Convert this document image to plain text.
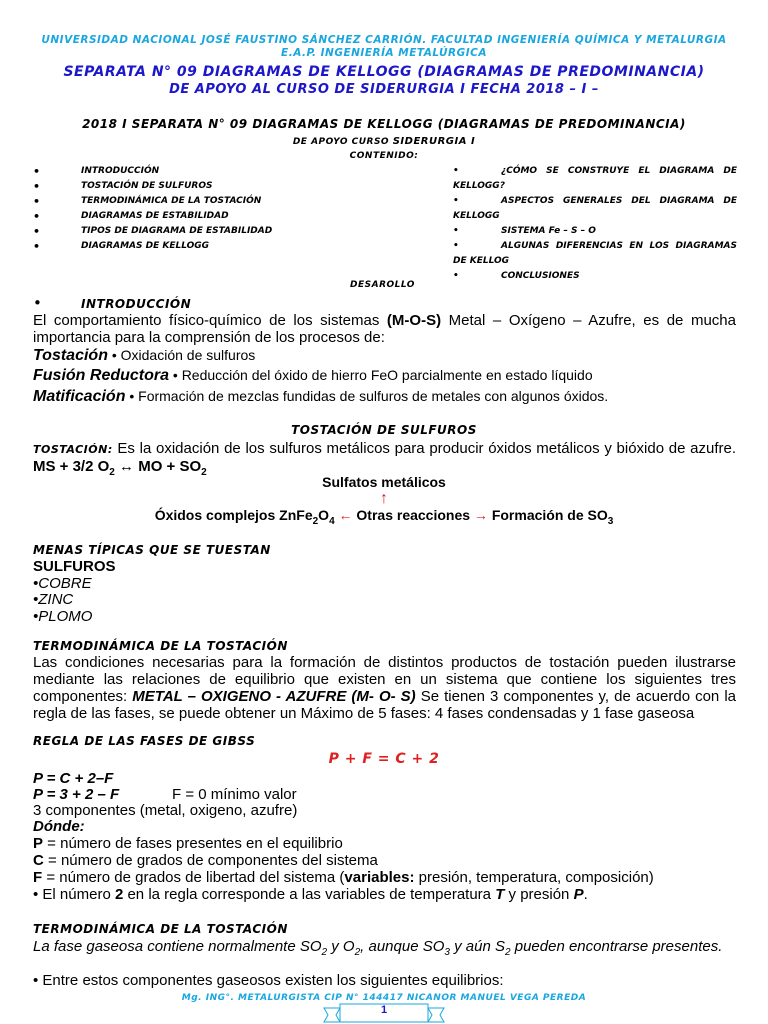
UNIVERSIDAD NACIONAL JOSÉ FAUSTINO SÁNCHEZ CARRIÓN. FACULTAD INGENIERÍA QUÍMICA Y METALURGIA
E.A.P. INGENIERÍA METALÚRGICA
SEPARATA N° 09 DIAGRAMAS DE KELLOGG (DIAGRAMAS DE PREDOMINANCIA)
DE APOYO AL CURSO DE SIDERURGIA I FECHA 2018 – I –
2018 I SEPARATA N° 09 DIAGRAMAS DE KELLOGG (DIAGRAMAS DE PREDOMINANCIA)
DE APOYO CURSO SIDERURGIA I
CONTENIDO:
• INTRODUCCIÓN
• TOSTACIÓN DE SULFUROS
• TERMODINÁMICA DE LA TOSTACIÓN
• DIAGRAMAS DE ESTABILIDAD
• TIPOS DE DIAGRAMA DE ESTABILIDAD
• DIAGRAMAS DE KELLOGG
•	¿CÓMO SE CONSTRUYE EL DIAGRAMA DE KELLOGG?
•	ASPECTOS GENERALES DEL DIAGRAMA DE KELLOGG
•	SISTEMA Fe – S – O
•	ALGUNAS DIFERENCIAS EN LOS DIAGRAMAS DE KELLOG
•	CONCLUSIONES
DESAROLLO
•	INTRODUCCIÓN
El comportamiento físico-químico de los sistemas (M-O-S) Metal – Oxígeno – Azufre, es de mucha importancia para la comprensión de los procesos de:
Tostación • Oxidación de sulfuros
Fusión Reductora • Reducción del óxido de hierro FeO parcialmente en estado líquido
Matificación • Formación de mezclas fundidas de sulfuros de metales con algunos óxidos.
TOSTACIÓN DE SULFUROS
TOSTACIÓN: Es la oxidación de los sulfuros metálicos para producir óxidos metálicos y bióxido de azufre. MS + 3/2 $O_2$ ↔ MO + $SO_2$
Sulfatos metálicos
↑
Óxidos complejos $ZnFe_2O_4$ ← Otras reacciones → Formación de $SO_3$
MENAS TÍPICAS QUE SE TUESTAN
SULFUROS
•COBRE
•ZINC
•PLOMO
TERMODINÁMICA DE LA TOSTACIÓN
Las condiciones necesarias para la formación de distintos productos de tostación pueden ilustrarse mediante las relaciones de equilibrio que existen en un sistema que contiene los siguientes tres componentes: METAL – OXIGENO - AZUFRE (M- O- S) Se tienen 3 componentes y, de acuerdo con la regla de las fases, se puede obtener un Máximo de 5 fases: 4 fases condensadas y 1 fase gaseosa
REGLA DE LAS FASES DE GIBSS
P + F = C + 2
P = C + 2–F
P = 3 + 2 – F	F = 0 mínimo valor
3 componentes (metal, oxigeno, azufre)
Dónde:
P = número de fases presentes en el equilibrio
C = número de grados de componentes del sistema
F = número de grados de libertad del sistema (variables: presión, temperatura, composición)
• El número 2 en la regla corresponde a las variables de temperatura T y presión P.
TERMODINÁMICA DE LA TOSTACIÓN
La fase gaseosa contiene normalmente $SO_2$ y $O_2$, aunque $SO_3$ y aún $S_2$ pueden encontrarse presentes.
• Entre estos componentes gaseosos existen los siguientes equilibrios:
Mg. ING°. METALURGISTA CIP N° 144417 NICANOR MANUEL VEGA PEREDA
1
